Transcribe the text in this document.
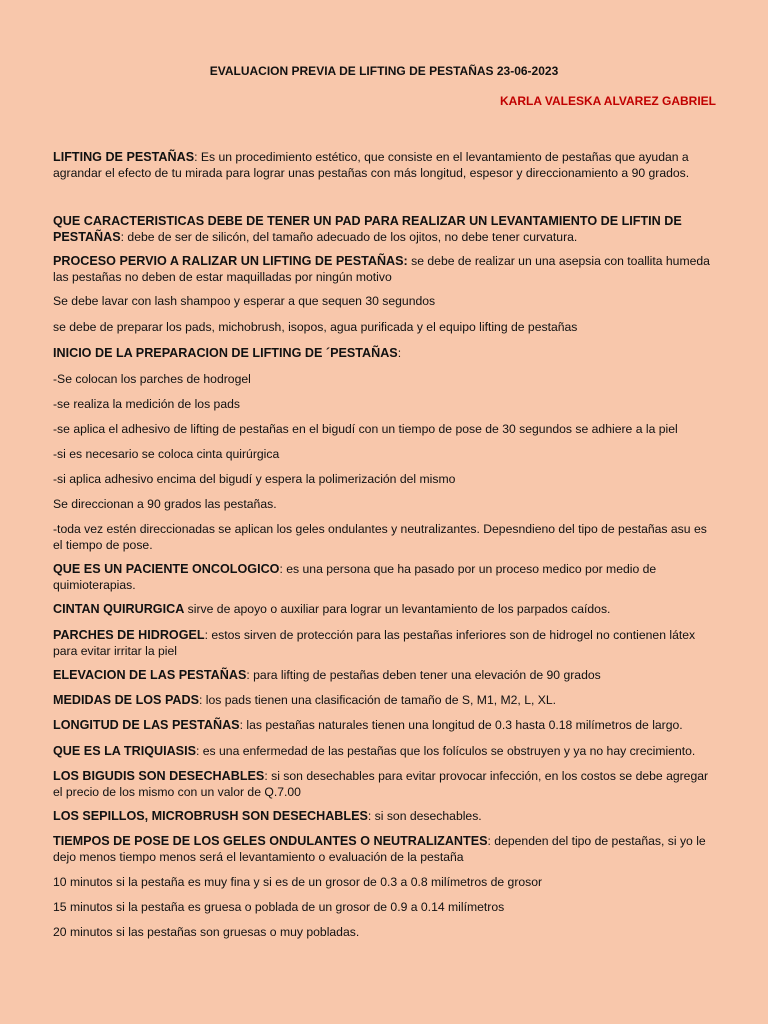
EVALUACION PREVIA DE LIFTING DE PESTAÑAS 23-06-2023
KARLA VALESKA ALVAREZ GABRIEL

LIFTING DE PESTAÑAS: Es un procedimiento estético, que consiste en el levantamiento de pestañas que ayudan a agrandar el efecto de tu mirada para lograr unas pestañas con más longitud, espesor y direccionamiento a 90 grados.

QUE CARACTERISTICAS DEBE DE TENER UN PAD PARA REALIZAR UN LEVANTAMIENTO DE LIFTIN DE PESTAÑAS: debe de ser de silicón, del tamaño adecuado de los ojitos, no debe tener curvatura.

PROCESO PERVIO A RALIZAR UN LIFTING DE PESTAÑAS: se debe de realizar un una asepsia con toallita humeda las pestañas no deben de estar maquilladas por ningún motivo

Se debe lavar con lash shampoo y esperar a que sequen 30 segundos

se debe de preparar los pads, michobrush, isopos, agua purificada y el equipo lifting de pestañas

INICIO DE LA PREPARACION DE LIFTING DE ´PESTAÑAS:

-Se colocan los parches de hodrogel

-se realiza la medición de los pads

-se aplica el adhesivo de lifting de pestañas en el bigudí con un tiempo de pose de 30 segundos se adhiere a la piel

-si es necesario se coloca cinta quirúrgica

-si aplica adhesivo encima del bigudí y espera la polimerización del mismo

Se direccionan a 90 grados las pestañas.

-toda vez estén direccionadas se aplican los geles ondulantes y neutralizantes. Depesndieno del tipo de pestañas asu es el tiempo de pose.

QUE ES UN PACIENTE ONCOLOGICO: es una persona que ha pasado por un proceso medico por medio de quimioterapias.

CINTAN QUIRURGICA sirve de apoyo o auxiliar para lograr un levantamiento de los parpados caídos.

PARCHES DE HIDROGEL: estos sirven de protección para las pestañas inferiores son de hidrogel no contienen látex para evitar irritar la piel

ELEVACION DE LAS PESTAÑAS: para lifting de pestañas deben tener una elevación de 90 grados

MEDIDAS DE LOS PADS: los pads tienen una clasificación de tamaño de S, M1, M2, L, XL.

LONGITUD DE LAS PESTAÑAS: las pestañas naturales tienen una longitud de 0.3 hasta 0.18 milímetros de largo.

QUE ES LA TRIQUIASIS: es una enfermedad de las pestañas que los folículos se obstruyen y ya no hay crecimiento.

LOS BIGUDIS SON DESECHABLES: si son desechables para evitar provocar infección, en los costos se debe agregar el precio de los mismo con un valor de Q.7.00

LOS SEPILLOS, MICROBRUSH SON DESECHABLES: si son desechables.

TIEMPOS DE POSE DE LOS GELES ONDULANTES O NEUTRALIZANTES: dependen del tipo de pestañas, si yo le dejo menos tiempo menos será el levantamiento o evaluación de la pestaña

10 minutos si la pestaña es muy fina y si es de un grosor de 0.3 a 0.8 milímetros de grosor

15 minutos si la pestaña es gruesa o poblada de un grosor de 0.9 a 0.14 milímetros

20 minutos si las pestañas son gruesas o muy pobladas.
